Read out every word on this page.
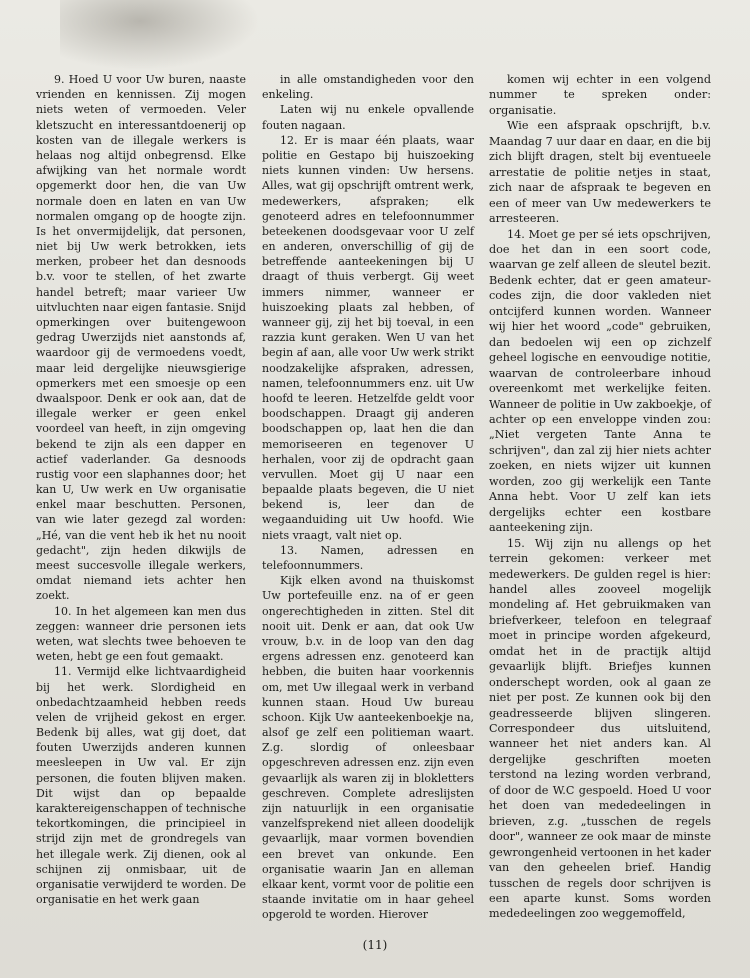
9. Hoed U voor Uw buren, naaste vrienden en kennissen. Zij mogen niets weten of vermoeden. Veler kletszucht en interessantdoenerij op kosten van de illegale werkers is helaas nog altijd onbegrensd. Elke afwijking van het normale wordt opgemerkt door hen, die van Uw normale doen en laten en van Uw normalen omgang op de hoogte zijn. Is het onvermijdelijk, dat personen, niet bij Uw werk betrokken, iets merken, probeer het dan desnoods b.v. voor te stellen, of het zwarte handel betreft; maar varieer Uw uitvluchten naar eigen fantasie. Snijd opmerkingen over buitengewoon gedrag Uwerzijds niet aanstonds af, waardoor gij de vermoedens voedt, maar leid dergelijke nieuwsgierige opmerkers met een smoesje op een dwaalspoor. Denk er ook aan, dat de illegale werker er geen enkel voordeel van heeft, in zijn omgeving bekend te zijn als een dapper en actief vaderlander. Ga desnoods rustig voor een slaphannes door; het kan U, Uw werk en Uw organisatie enkel maar beschutten. Personen, van wie later gezegd zal worden: „Hé, van die vent heb ik het nu nooit gedacht", zijn heden dikwijls de meest succesvolle illegale werkers, omdat niemand iets achter hen zoekt.

10. In het algemeen kan men dus zeggen: wanneer drie personen iets weten, wat slechts twee behoeven te weten, hebt ge een fout gemaakt.

11. Vermijd elke lichtvaardigheid bij het werk. Slordigheid en onbedachtzaamheid hebben reeds velen de vrijheid gekost en erger. Bedenk bij alles, wat gij doet, dat fouten Uwerzijds anderen kunnen meesleepen in Uw val. Er zijn personen, die fouten blijven maken. Dit wijst dan op bepaalde karaktereigenschappen of technische tekortkomingen, die principieel in strijd zijn met de grondregels van het illegale werk. Zij dienen, ook al schijnen zij onmisbaar, uit de organisatie verwijderd te worden. De organisatie en het werk gaan

in alle omstandigheden voor den enkeling.

Laten wij nu enkele opvallende fouten nagaan.

12. Er is maar één plaats, waar politie en Gestapo bij huiszoeking niets kunnen vinden: Uw hersens. Alles, wat gij opschrijft omtrent werk, medewerkers, afspraken; elk genoteerd adres en telefoonnummer beteekenen doodsgevaar voor U zelf en anderen, onverschillig of gij de betreffende aanteekeningen bij U draagt of thuis verbergt. Gij weet immers nimmer, wanneer er huiszoeking plaats zal hebben, of wanneer gij, zij het bij toeval, in een razzia kunt geraken. Wen U van het begin af aan, alle voor Uw werk strikt noodzakelijke afspraken, adressen, namen, telefoonnummers enz. uit Uw hoofd te leeren. Hetzelfde geldt voor boodschappen. Draagt gij anderen boodschappen op, laat hen die dan memoriseeren en tegenover U herhalen, voor zij de opdracht gaan vervullen. Moet gij U naar een bepaalde plaats begeven, die U niet bekend is, leer dan de wegaanduiding uit Uw hoofd. Wie niets vraagt, valt niet op.

13. Namen, adressen en telefoonnummers.

Kijk elken avond na thuiskomst Uw portefeuille enz. na of er geen ongerechtigheden in zitten. Stel dit nooit uit. Denk er aan, dat ook Uw vrouw, b.v. in de loop van den dag ergens adressen enz. genoteerd kan hebben, die buiten haar voorkennis om, met Uw illegaal werk in verband kunnen staan. Houd Uw bureau schoon. Kijk Uw aanteekenboekje na, alsof ge zelf een politieman waart. Z.g. slordig of onleesbaar opgeschreven adressen enz. zijn even gevaarlijk als waren zij in blokletters geschreven. Complete adreslijsten zijn natuurlijk in een organisatie vanzelfsprekend niet alleen doodelijk gevaarlijk, maar vormen bovendien een brevet van onkunde. Een organisatie waarin Jan en alleman elkaar kent, vormt voor de politie een staande invitatie om in haar geheel opgerold te worden. Hierover

komen wij echter in een volgend nummer te spreken onder: organisatie.

Wie een afspraak opschrijft, b.v. Maandag 7 uur daar en daar, en die bij zich blijft dragen, stelt bij eventueele arrestatie de politie netjes in staat, zich naar de afspraak te begeven en een of meer van Uw medewerkers te arresteeren.

14. Moet ge per sé iets opschrijven, doe het dan in een soort code, waarvan ge zelf alleen de sleutel bezit. Bedenk echter, dat er geen amateur-codes zijn, die door vakleden niet ontcijferd kunnen worden. Wanneer wij hier het woord „code" gebruiken, dan bedoelen wij een op zichzelf geheel logische en eenvoudige notitie, waarvan de controleerbare inhoud overeenkomt met werkelijke feiten. Wanneer de politie in Uw zakboekje, of achter op een enveloppe vinden zou: „Niet vergeten Tante Anna te schrijven", dan zal zij hier niets achter zoeken, en niets wijzer uit kunnen worden, zoo gij werkelijk een Tante Anna hebt. Voor U zelf kan iets dergelijks echter een kostbare aanteekening zijn.

15. Wij zijn nu allengs op het terrein gekomen: verkeer met medewerkers. De gulden regel is hier: handel alles zooveel mogelijk mondeling af. Het gebruikmaken van briefverkeer, telefoon en telegraaf moet in principe worden afgekeurd, omdat het in de practijk altijd gevaarlijk blijft. Briefjes kunnen onderschept worden, ook al gaan ze niet per post. Ze kunnen ook bij den geadresseerde blijven slingeren. Correspondeer dus uitsluitend, wanneer het niet anders kan. Al dergelijke geschriften moeten terstond na lezing worden verbrand, of door de W.C gespoeld. Hoed U voor het doen van mededeelingen in brieven, z.g. „tusschen de regels door", wanneer ze ook maar de minste gewrongenheid vertoonen in het kader van den geheelen brief. Handig tusschen de regels door schrijven is een aparte kunst. Soms worden mededeelingen zoo weggemoffeld,

(11)
